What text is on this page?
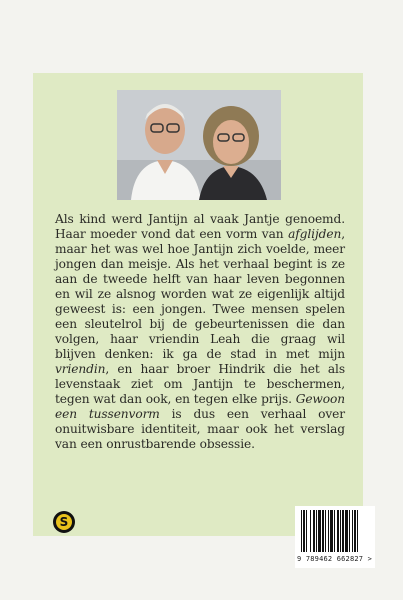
Als kind werd Jantijn al vaak Jantje genoemd. Haar moeder vond dat een vorm van afglijden, maar het was wel hoe Jantijn zich voelde, meer jongen dan meisje. Als het verhaal begint is ze aan de tweede helft van haar leven begonnen en wil ze alsnog worden wat ze eigenlijk altijd geweest is: een jongen. Twee mensen spelen een sleutelrol bij de gebeurtenissen die dan volgen, haar vriendin Leah die graag wil blijven denken: ik ga de stad in met mijn vriendin, en haar broer Hindrik die het als levenstaak ziet om Jantijn te beschermen, tegen wat dan ook, en tegen elke prijs. Gewoon een tussenvorm is dus een verhaal over onuitwisbare identiteit, maar ook het verslag van een onrustbarende obsessie.

S
9 789462 662827 >
